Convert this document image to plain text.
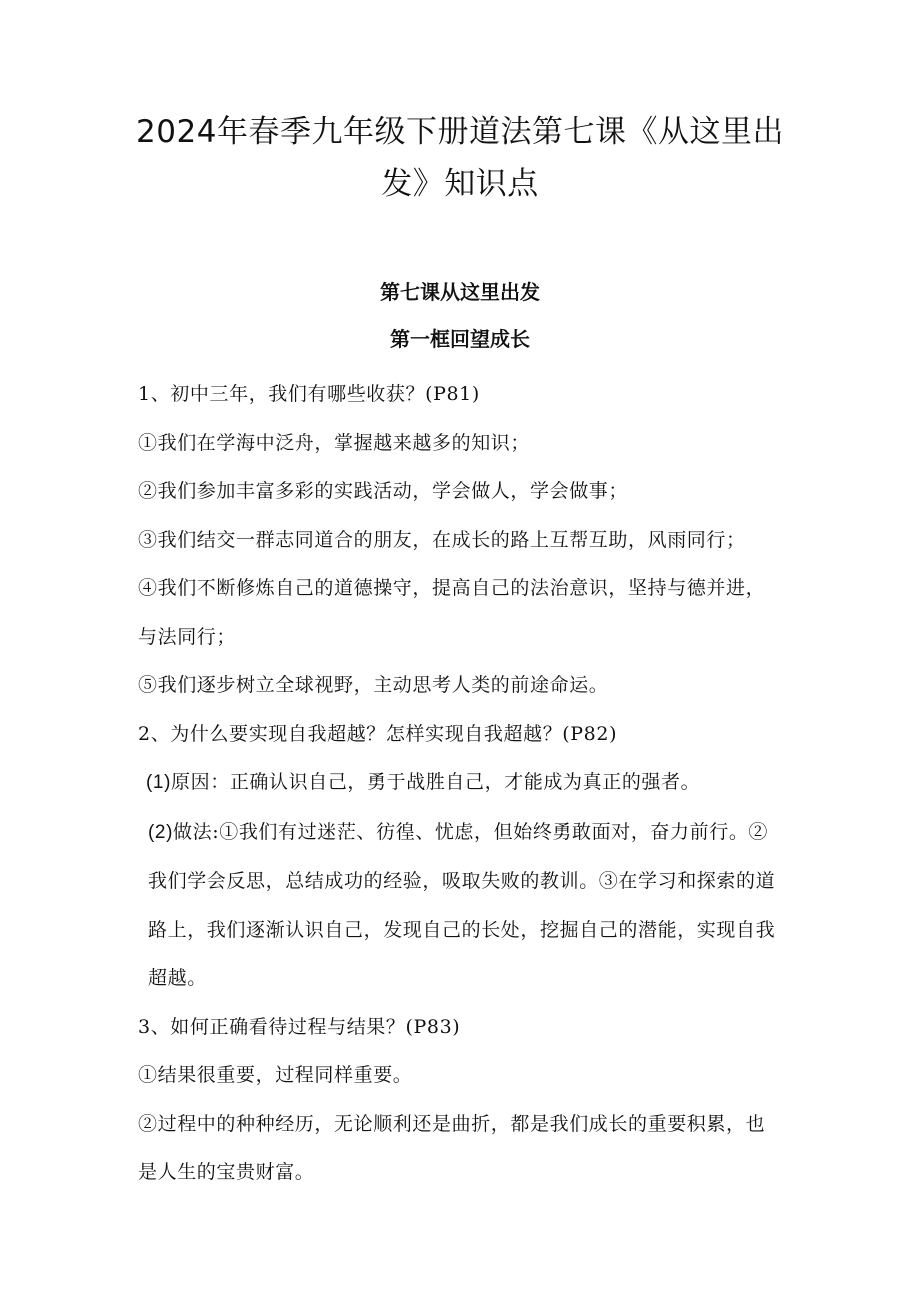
2024年春季九年级下册道法第七课《从这里出发》知识点
第七课从这里出发
第一框回望成长

1、初中三年，我们有哪些收获？(P81)

①我们在学海中泛舟，掌握越来越多的知识；

②我们参加丰富多彩的实践活动，学会做人，学会做事；

③我们结交一群志同道合的朋友，在成长的路上互帮互助，风雨同行；

④我们不断修炼自己的道德操守，提高自己的法治意识，坚持与德并进，与法同行；

⑤我们逐步树立全球视野，主动思考人类的前途命运。

2、为什么要实现自我超越？怎样实现自我超越？(P82)

(1)原因：正确认识自己，勇于战胜自己，才能成为真正的强者。

(2)做法:①我们有过迷茫、彷徨、忧虑，但始终勇敢面对，奋力前行。②我们学会反思，总结成功的经验，吸取失败的教训。③在学习和探索的道路上，我们逐渐认识自己，发现自己的长处，挖掘自己的潜能，实现自我超越。

3、如何正确看待过程与结果？(P83)

①结果很重要，过程同样重要。

②过程中的种种经历，无论顺利还是曲折，都是我们成长的重要积累，也是人生的宝贵财富。
